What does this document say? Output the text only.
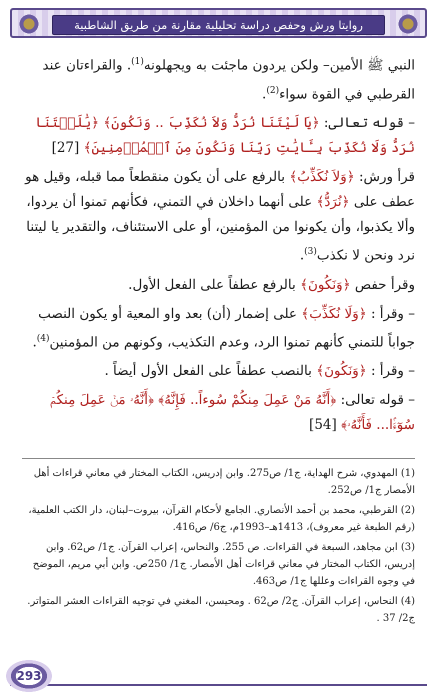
روايتا ورش وحفص دراسة تحليلية مقارنة من طريق الشاطبية

النبي ﷺ الأمين– ولكن يردون ماجئت به ويجهلونه$^{(1)}$. والقراءتان عند القرطبي في القوة سواء$^{(2)}$.

– قوله تعالى: ﴿يَا لَيْتَنَا نُرَدُّ وَلاَ نُكَذِّبَ .. وَنَكُونَ﴾ ﴿يَٰلَيۡتَنَا نُرَدُّ وَلَا نُكَذِّبَ بِـَٔايَٰتِ رَبِّنَا وَنَكُونَ مِنَ ٱلۡمُؤۡمِنِينَ﴾ [27]

قرأ ورش: ﴿وَلاَ نُكَذِّبُ﴾ بالرفع على أن يكون منقطعاً مما قبله، وقيل هو عطف على ﴿نُرَدُّ﴾ على أنهما داخلان في التمني، فكأنهم تمنوا أن يردوا، وألا يكذبوا، وأن يكونوا من المؤمنين، أو على الاستئناف، والتقدير يا ليتنا نرد ونحن لا نكذب$^{(3)}$.

وقرأ حفص ﴿وَنَكُونَ﴾ بالرفع عطفاً على الفعل الأول.

– وقرأ : ﴿وَلَا نُكَذِّبَ﴾ على إضمار (أن) بعد واو المعية أو يكون النصب جواباً للتمني كأنهم تمنوا الرد، وعدم التكذيب، وكونهم من المؤمنين$^{(4)}$.

– وقرأ : ﴿وَنَكُونَ﴾ بالنصب عطفاً على الفعل الأول أيضاً .

– قوله تعالى: ﴿أَنَّهُ مَنْ عَمِلَ مِنكُمْ سُوءاً.. فَإِنَّهُ﴾ ﴿أَنَّهُۥ مَنۡ عَمِلَ مِنكُمۡ سُوٓءَۢا... فَأَنَّهُۥ﴾ [54]

(1) المهدوي، شرح الهداية، ج1/ ص275. وابن إدريس، الكتاب المختار في معاني قراءات أهل الأمصار ج1/ ص252.

(2) القرطبي، محمد بن أحمد الأنصاري. الجامع لأحكام القرآن، بيروت–لبنان، دار الكتب العلمية، (رقم الطبعة غير معروف)، 1413هـ–1993م، ج6/ ص416.

(3) ابن مجاهد، السبعة في القراءات. ص 255. والنحاس، إعراب القرآن. ج1/ ص62. وابن إدريس، الكتاب المختار في معاني قراءات أهل الأمصار. ج1/ 250ص. وابن أبي مريم، الموضح في وجوه القراءات وعللها ج1/ ص463.

(4) النحاس، إعراب القرآن. ج2/ ص62 . ومحيسن، المغني في توجيه القراءات العشر المتواتر. ج2/ 37 .

293
